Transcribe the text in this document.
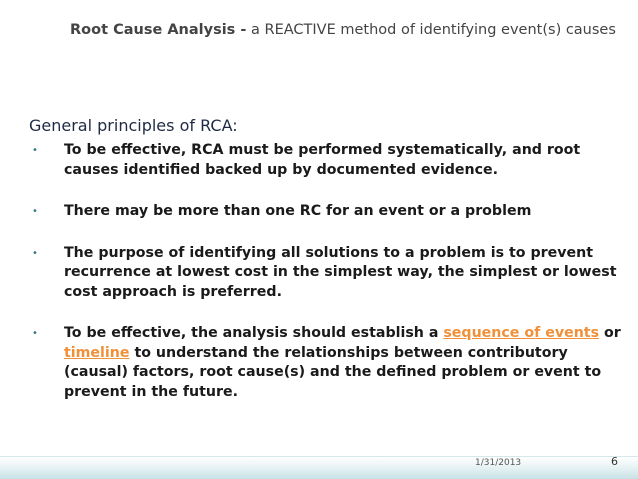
Root Cause Analysis - a REACTIVE method of identifying event(s) causes
General principles of RCA:
• To be effective, RCA must be performed systematically, and root causes identified backed up by documented evidence.
• There may be more than one RC for an event or a problem
• The purpose of identifying all solutions to a problem is to prevent recurrence at lowest cost in the simplest way, the simplest or lowest cost approach is preferred.
• To be effective, the analysis should establish a sequence of events or timeline to understand the relationships between contributory (causal) factors, root cause(s) and the defined problem or event to prevent in the future.
1/31/2013	6
